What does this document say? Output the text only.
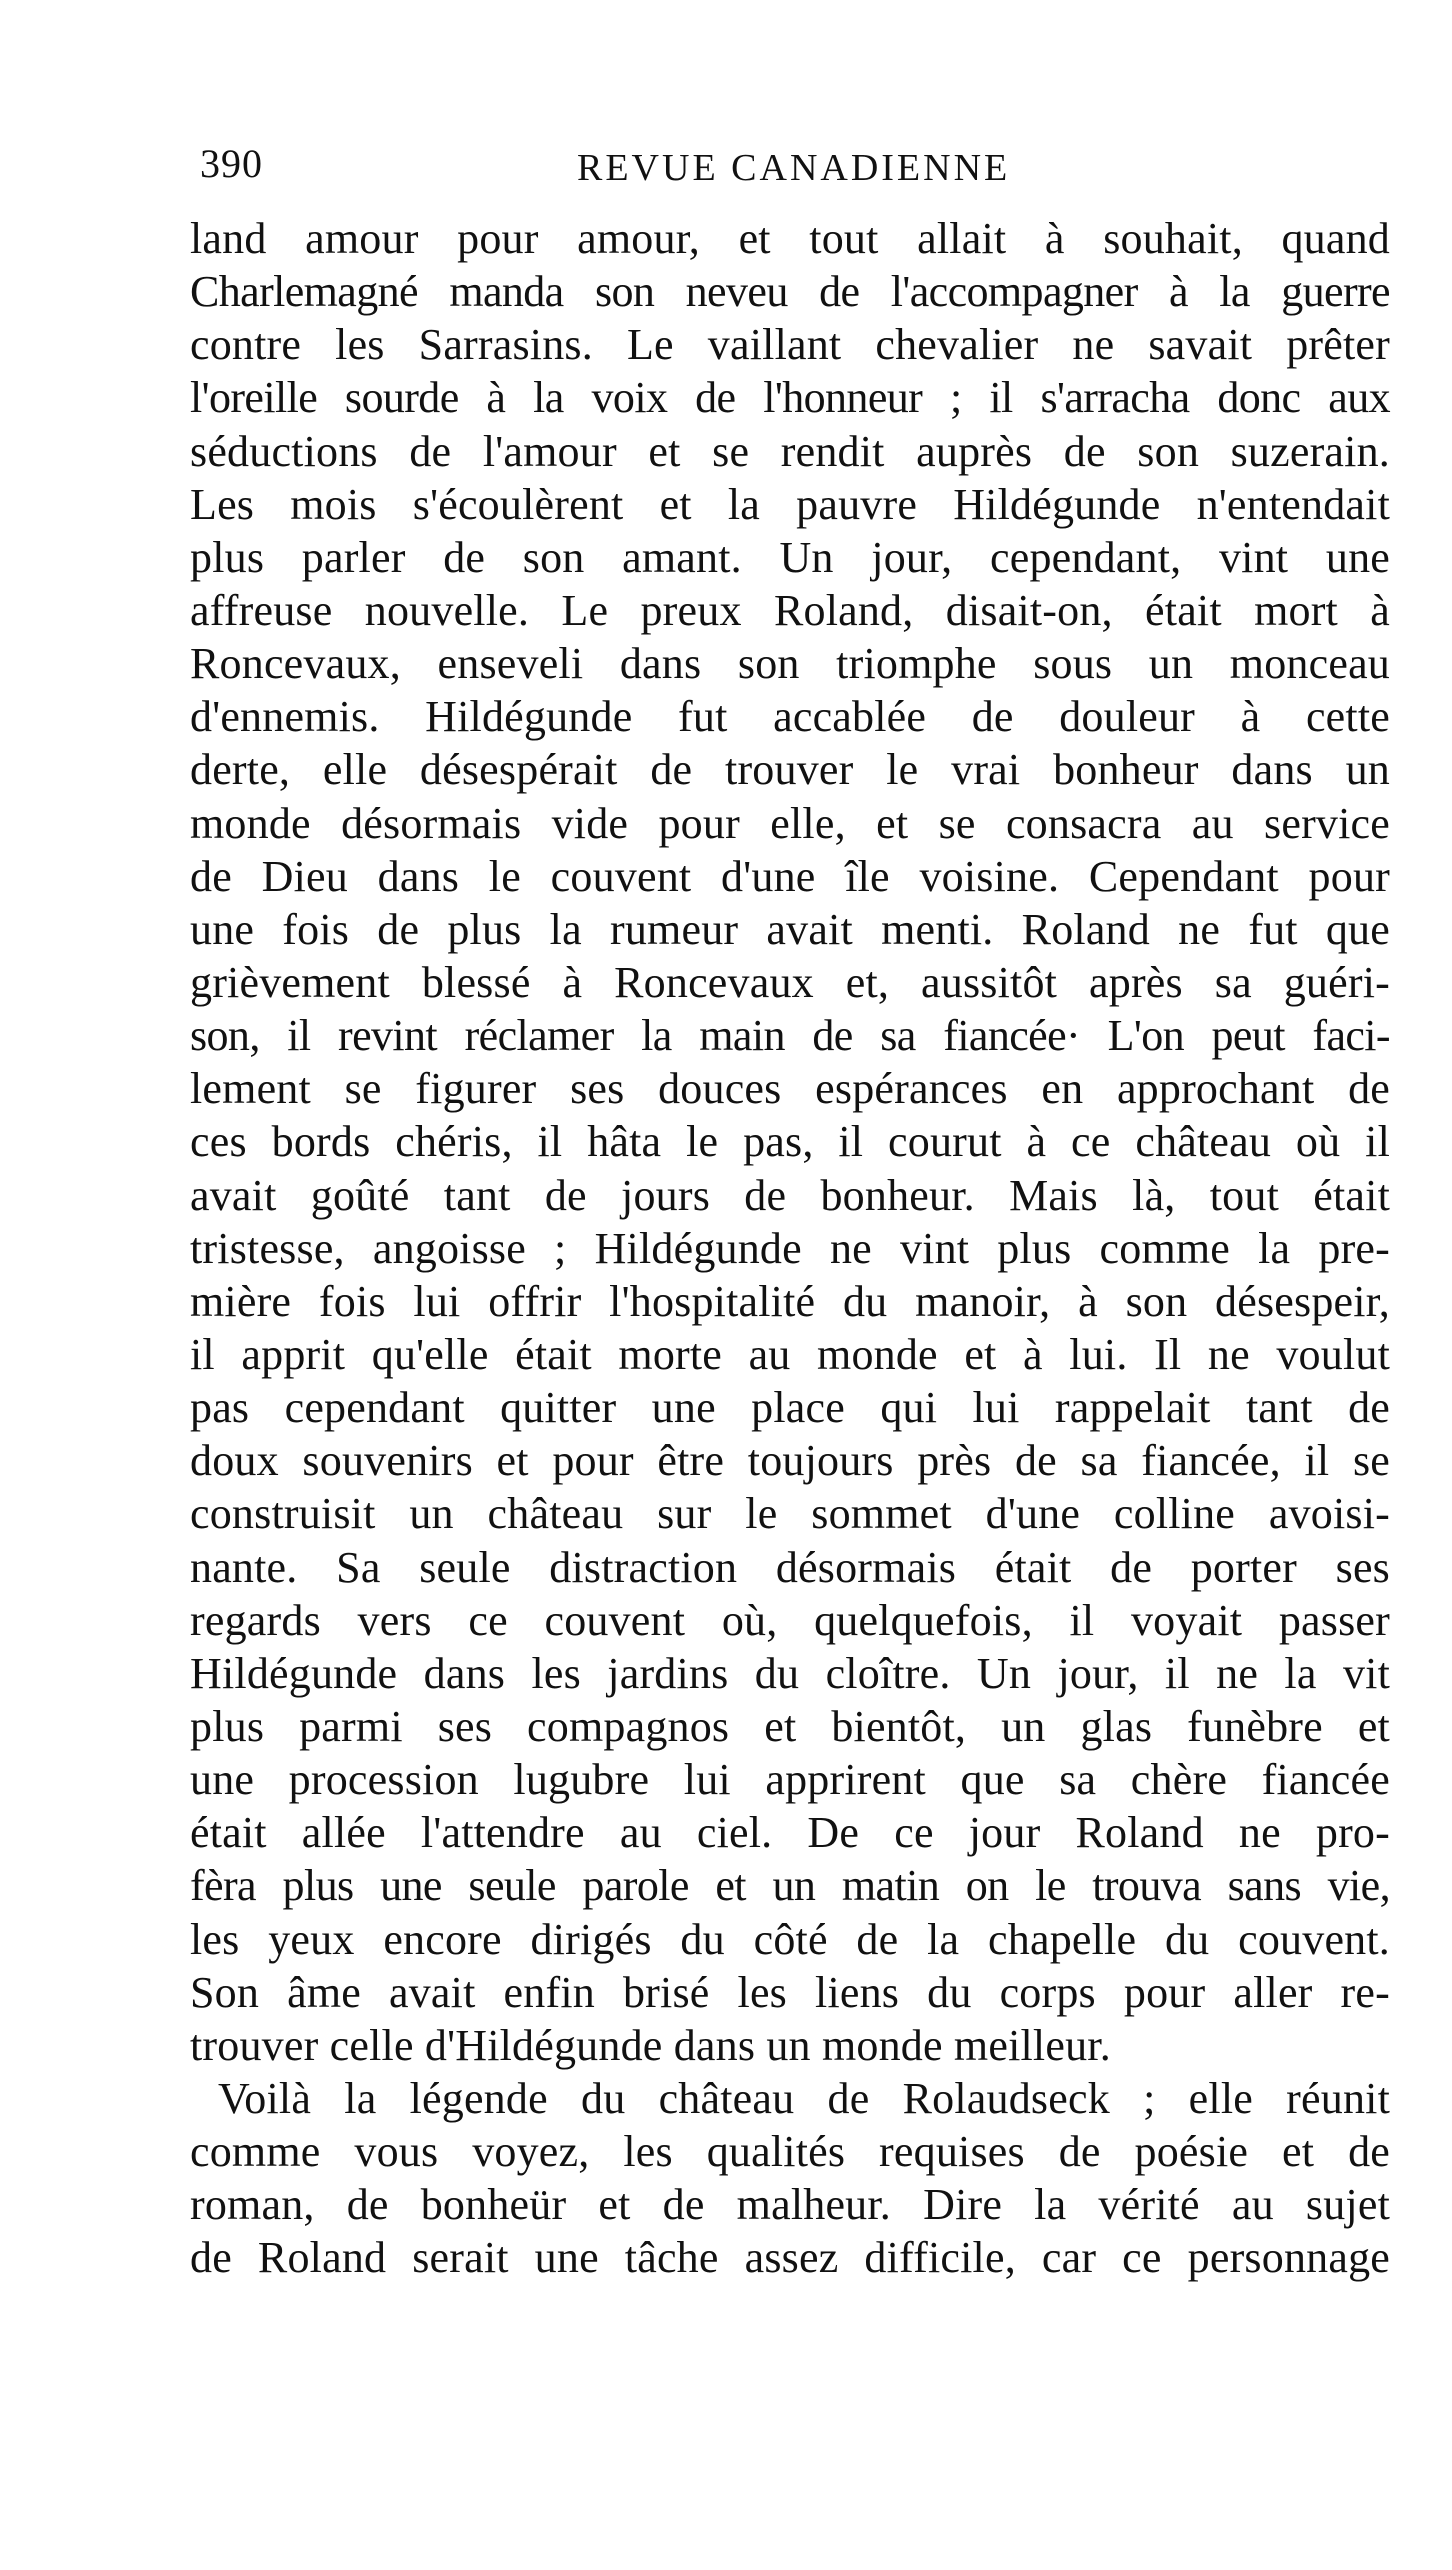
390	REVUE CANADIENNE
land amour pour amour, et tout allait à souhait, quand
Charlemagné manda son neveu de l'accompagner à la guerre
contre les Sarrasins. Le vaillant chevalier ne savait prêter
l'oreille sourde à la voix de l'honneur ; il s'arracha donc aux
séductions de l'amour et se rendit auprès de son suzerain.
Les mois s'écoulèrent et la pauvre Hildégunde n'entendait
plus parler de son amant. Un jour, cependant, vint une
affreuse nouvelle. Le preux Roland, disait-on, était mort à
Roncevaux, enseveli dans son triomphe sous un monceau
d'ennemis. Hildégunde fut accablée de douleur à cette
derte, elle désespérait de trouver le vrai bonheur dans un
monde désormais vide pour elle, et se consacra au service
de Dieu dans le couvent d'une île voisine. Cependant pour
une fois de plus la rumeur avait menti. Roland ne fut que
grièvement blessé à Roncevaux et, aussitôt après sa guéri-
son, il revint réclamer la main de sa fiancée· L'on peut faci-
lement se figurer ses douces espérances en approchant de
ces bords chéris, il hâta le pas, il courut à ce château où il
avait goûté tant de jours de bonheur. Mais là, tout était
tristesse, angoisse ; Hildégunde ne vint plus comme la pre-
mière fois lui offrir l'hospitalité du manoir, à son désespeir,
il apprit qu'elle était morte au monde et à lui. Il ne voulut
pas cependant quitter une place qui lui rappelait tant de
doux souvenirs et pour être toujours près de sa fiancée, il se
construisit un château sur le sommet d'une colline avoisi-
nante. Sa seule distraction désormais était de porter ses
regards vers ce couvent où, quelquefois, il voyait passer
Hildégunde dans les jardins du cloître. Un jour, il ne la vit
plus parmi ses compagnos et bientôt, un glas funèbre et
une procession lugubre lui apprirent que sa chère fiancée
était allée l'attendre au ciel. De ce jour Roland ne pro-
fèra plus une seule parole et un matin on le trouva sans vie,
les yeux encore dirigés du côté de la chapelle du couvent.
Son âme avait enfin brisé les liens du corps pour aller re-
trouver celle d'Hildégunde dans un monde meilleur.
Voilà la légende du château de Rolaudseck ; elle réunit
comme vous voyez, les qualités requises de poésie et de
roman, de bonheür et de malheur. Dire la vérité au sujet
de Roland serait une tâche assez difficile, car ce personnage
